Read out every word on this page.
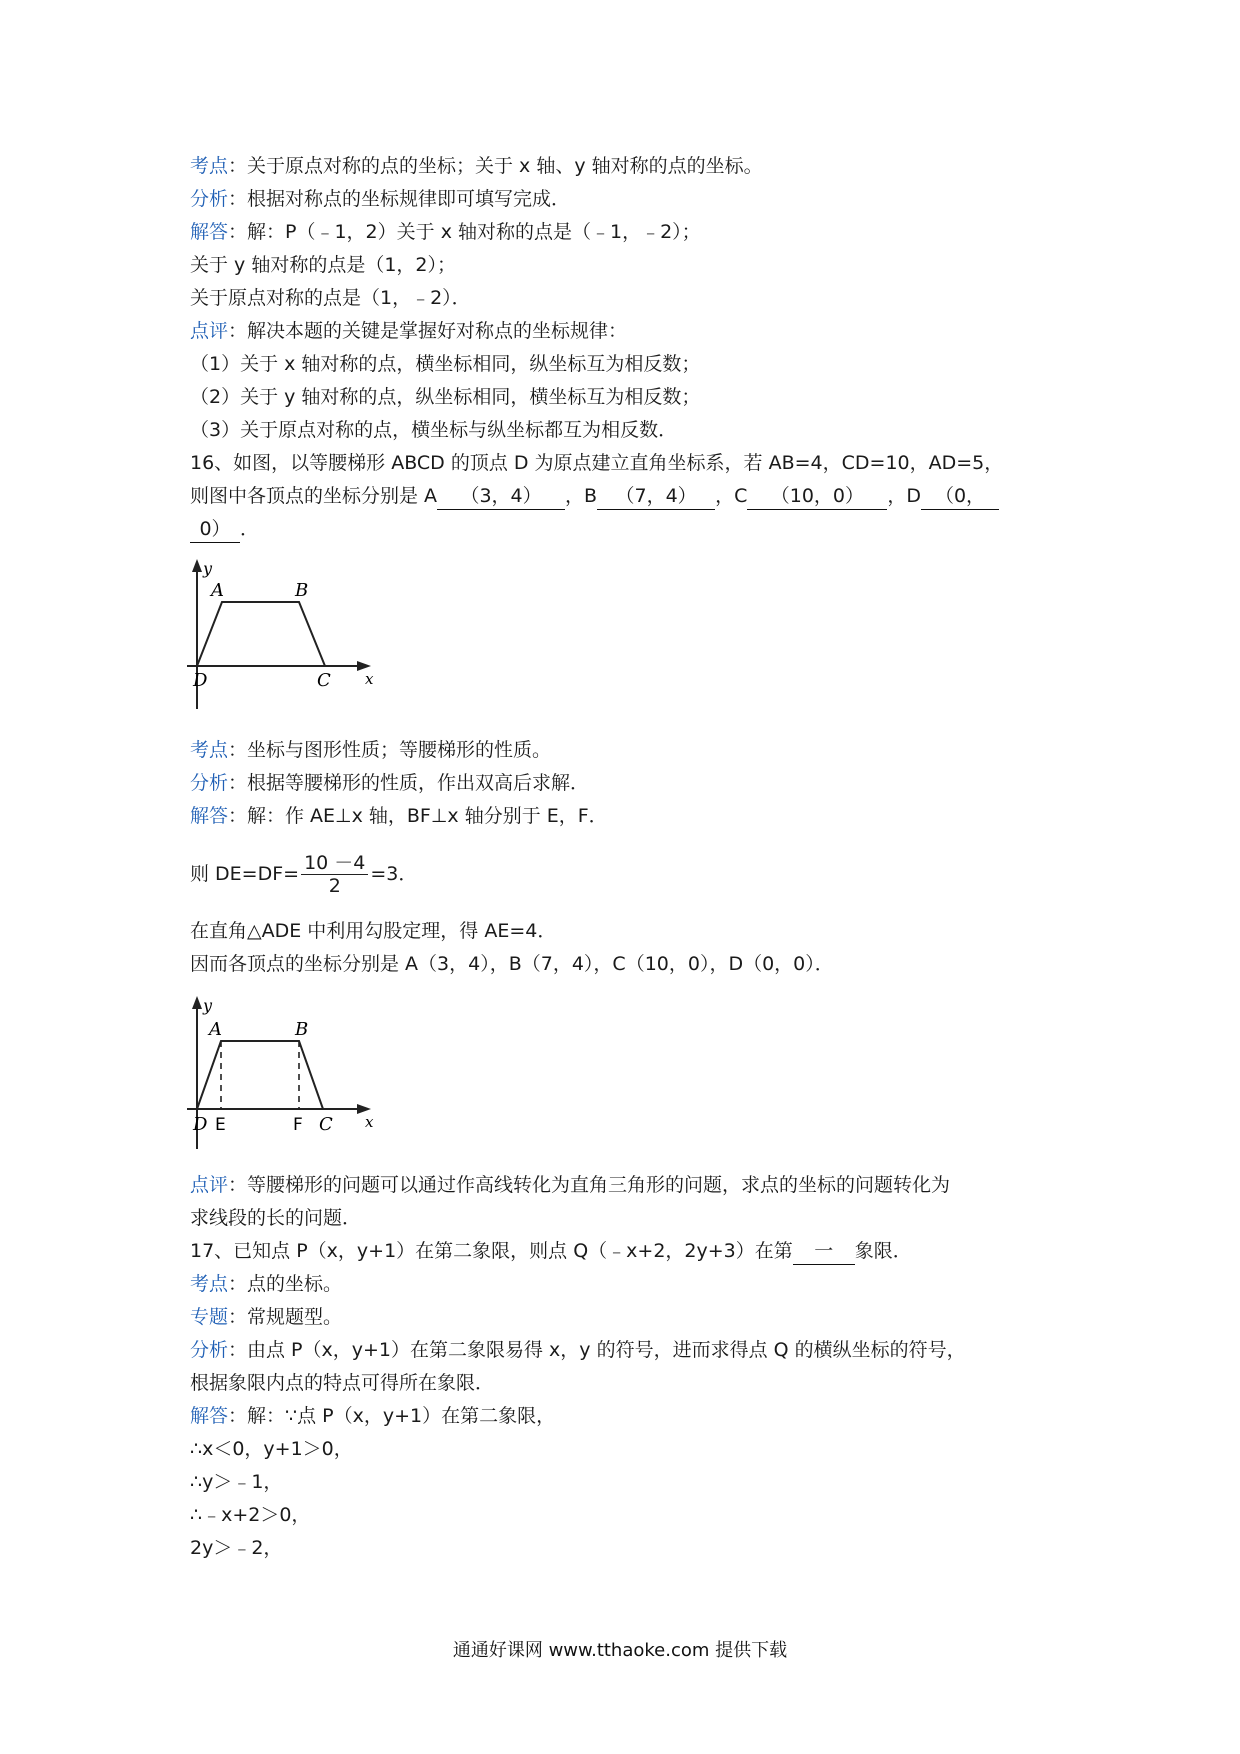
考点：关于原点对称的点的坐标；关于 x 轴、y 轴对称的点的坐标。
分析：根据对称点的坐标规律即可填写完成．
解答：解：P（﹣1，2）关于 x 轴对称的点是（﹣1，﹣2）；
关于 y 轴对称的点是（1，2）；
关于原点对称的点是（1，﹣2）．
点评：解决本题的关键是掌握好对称点的坐标规律：
（1）关于 x 轴对称的点，横坐标相同，纵坐标互为相反数；
（2）关于 y 轴对称的点，纵坐标相同，横坐标互为相反数；
（3）关于原点对称的点，横坐标与纵坐标都互为相反数．
16、如图，以等腰梯形 ABCD 的顶点 D 为原点建立直角坐标系，若 AB=4，CD=10，AD=5，
则图中各顶点的坐标分别是 A （3，4） ，B （7，4） ，C （10，0） ，D （0，
0） ．
y
x
A	B
C
D
考点：坐标与图形性质；等腰梯形的性质。
分析：根据等腰梯形的性质，作出双高后求解．
解答：解：作 AE⊥x 轴，BF⊥x 轴分别于 E，F．
则 $DE=DF= \frac{10 -4}{2} =3$．
在直角△ADE 中利用勾股定理，得 AE=4．
因而各顶点的坐标分别是 A（3，4），B（7，4），C（10，0），D（0，0）．
y
x
A	B
C
D E	F
点评：等腰梯形的问题可以通过作高线转化为直角三角形的问题，求点的坐标的问题转化为
求线段的长的问题．
17、已知点 P（x，y+1）在第二象限，则点 Q（﹣x+2，2y+3）在第 一 象限．
考点：点的坐标。
专题：常规题型。
分析：由点 P（x，y+1）在第二象限易得 x，y 的符号，进而求得点 Q 的横纵坐标的符号，
根据象限内点的特点可得所在象限．
解答：解：∵点 P（x，y+1）在第二象限，
∴x＜0，y+1＞0，
∴y＞﹣1，
∴﹣x+2＞0，
2y＞﹣2，
通通好课网 www.tthaoke.com 提供下载
